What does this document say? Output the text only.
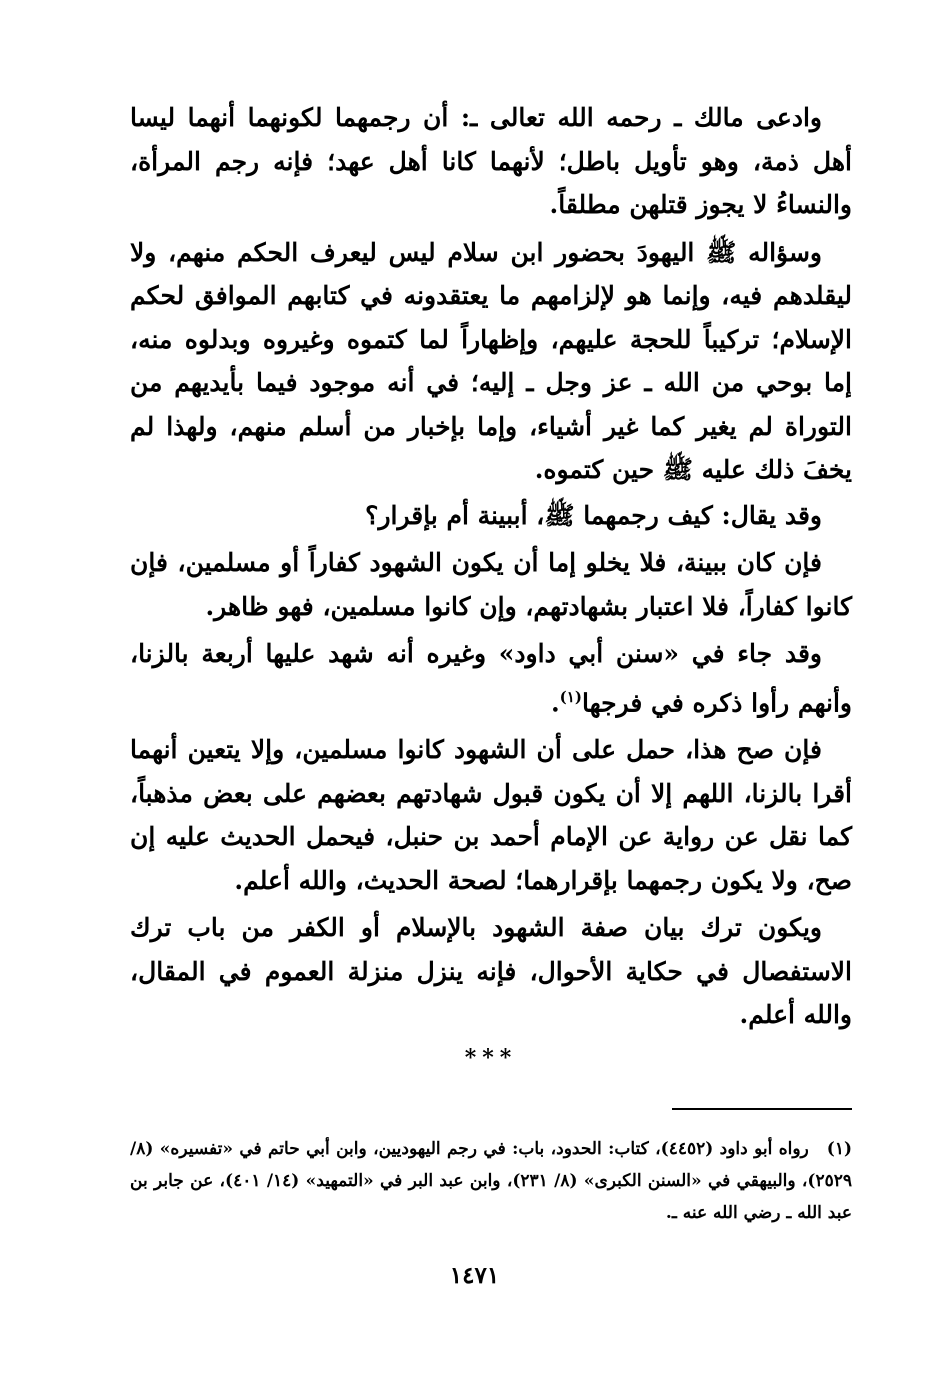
وادعى مالك ـ رحمه الله تعالى ـ: أن رجمهما لكونهما أنهما ليسا أهل ذمة، وهو تأويل باطل؛ لأنهما كانا أهل عهد؛ فإنه رجم المرأة، والنساءُ لا يجوز قتلهن مطلقاً.

وسؤاله ﷺ اليهودَ بحضور ابن سلام ليس ليعرف الحكم منهم، ولا ليقلدهم فيه، وإنما هو لإلزامهم ما يعتقدونه في كتابهم الموافق لحكم الإسلام؛ تركيباً للحجة عليهم، وإظهاراً لما كتموه وغيروه وبدلوه منه، إما بوحي من الله ـ عز وجل ـ إليه؛ في أنه موجود فيما بأيديهم من التوراة لم يغير كما غير أشياء، وإما بإخبار من أسلم منهم، ولهذا لم يخفَ ذلك عليه ﷺ حين كتموه.

وقد يقال: كيف رجمهما ﷺ، أببينة أم بإقرار؟

فإن كان ببينة، فلا يخلو إما أن يكون الشهود كفاراً أو مسلمين، فإن كانوا كفاراً، فلا اعتبار بشهادتهم، وإن كانوا مسلمين، فهو ظاهر.

وقد جاء في «سنن أبي داود» وغيره أنه شهد عليها أربعة بالزنا، وأنهم رأوا ذكره في فرجها$^{(١)}$.

فإن صح هذا، حمل على أن الشهود كانوا مسلمين، وإلا يتعين أنهما أقرا بالزنا، اللهم إلا أن يكون قبول شهادتهم بعضهم على بعض مذهباً، كما نقل عن رواية عن الإمام أحمد بن حنبل، فيحمل الحديث عليه إن صح، ولا يكون رجمهما بإقرارهما؛ لصحة الحديث، والله أعلم.

ويكون ترك بيان صفة الشهود بالإسلام أو الكفر من باب ترك الاستفصال في حكاية الأحوال، فإنه ينزل منزلة العموم في المقال، والله أعلم.

***
(١)رواه أبو داود (٤٤٥٢)، كتاب: الحدود، باب: في رجم اليهوديين، وابن أبي حاتم في «تفسيره» (٨/ ٢٥٢٩)، والبيهقي في «السنن الكبرى» (٨/ ٢٣١)، وابن عبد البر في «التمهيد» (١٤/ ٤٠١)، عن جابر بن عبد الله ـ رضي الله عنه ـ.
١٤٧١
